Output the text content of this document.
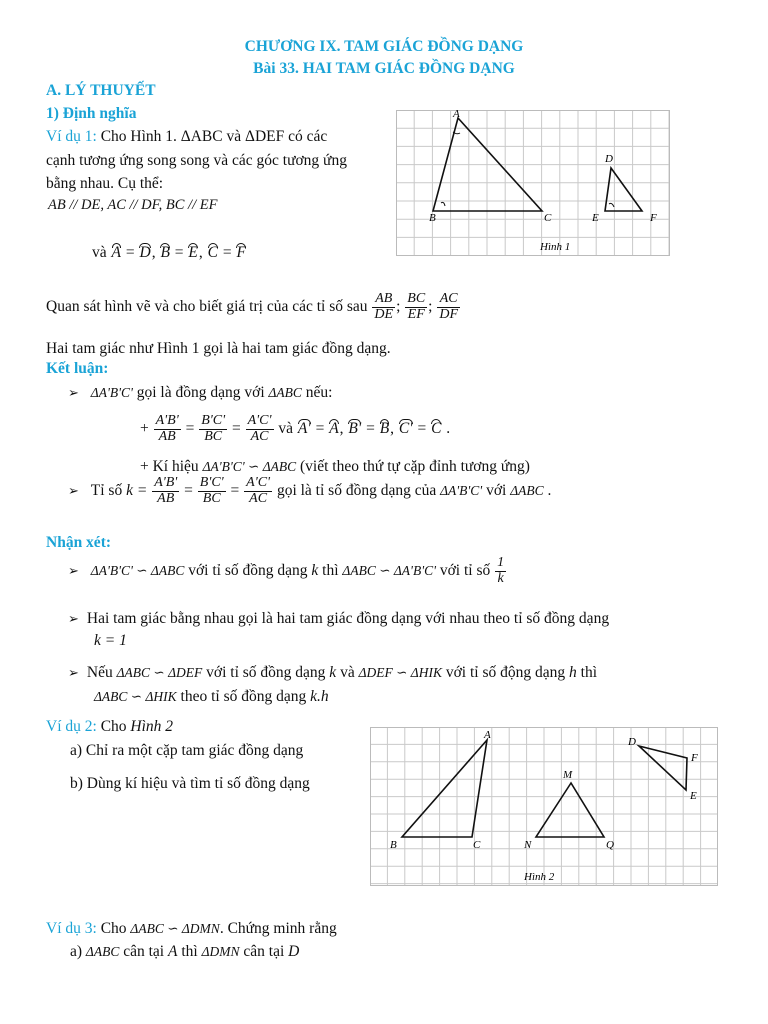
CHƯƠNG IX. TAM GIÁC ĐỒNG DẠNG
Bài 33. HAI TAM GIÁC ĐỒNG DẠNG
A. LÝ THUYẾT
1) Định nghĩa
Ví dụ 1: Cho Hình 1. ΔABC và ΔDEF có các
cạnh tương ứng song song và các góc tương ứng
bằng nhau. Cụ thể:
AB // DE, AC // DF, BC // EF
và A = D, B = E, C = F
A
B	C
D
E	F
Hình 1
Quan sát hình vẽ và cho biết giá trị của các tỉ số sau $\frac{AB}{DE}$ ; $\frac{BC}{EF}$ ; $\frac{AC}{DF}$
Hai tam giác như Hình 1 gọi là hai tam giác đồng dạng.
Kết luận:
➢ ΔA'B'C' gọi là đồng dạng với ΔABC nếu:
+ $\frac{A'B'}{AB} = \frac{B'C'}{BC} = \frac{A'C'}{AC}$ và A' = A, B' = B, C' = C .
+ Kí hiệu ΔA'B'C' ∽ ΔABC (viết theo thứ tự cặp đỉnh tương ứng)
➢ Tỉ số $k = \frac{A'B'}{AB} = \frac{B'C'}{BC} = \frac{A'C'}{AC}$ gọi là tỉ số đồng dạng của ΔA'B'C' với ΔABC .
Nhận xét:
➢ ΔA'B'C' ∽ ΔABC với tỉ số đồng dạng k thì ΔABC ∽ ΔA'B'C' với tỉ số $\frac{1}{k}$
➢ Hai tam giác bằng nhau gọi là hai tam giác đồng dạng với nhau theo tỉ số đồng dạng
k = 1
➢ Nếu ΔABC ∽ ΔDEF với tỉ số đồng dạng k và ΔDEF ∽ ΔHIK với tỉ số động dạng h thì
ΔABC ∽ ΔHIK theo tỉ số đồng dạng k.h
Ví dụ 2: Cho Hình 2
a) Chỉ ra một cặp tam giác đồng dạng
b) Dùng kí hiệu và tìm tỉ số đồng dạng
A
B	C
M
N	Q
D
F
E
Hình 2
Ví dụ 3: Cho ΔABC ∽ ΔDMN. Chứng minh rằng
a) ΔABC cân tại A thì ΔDMN cân tại D
